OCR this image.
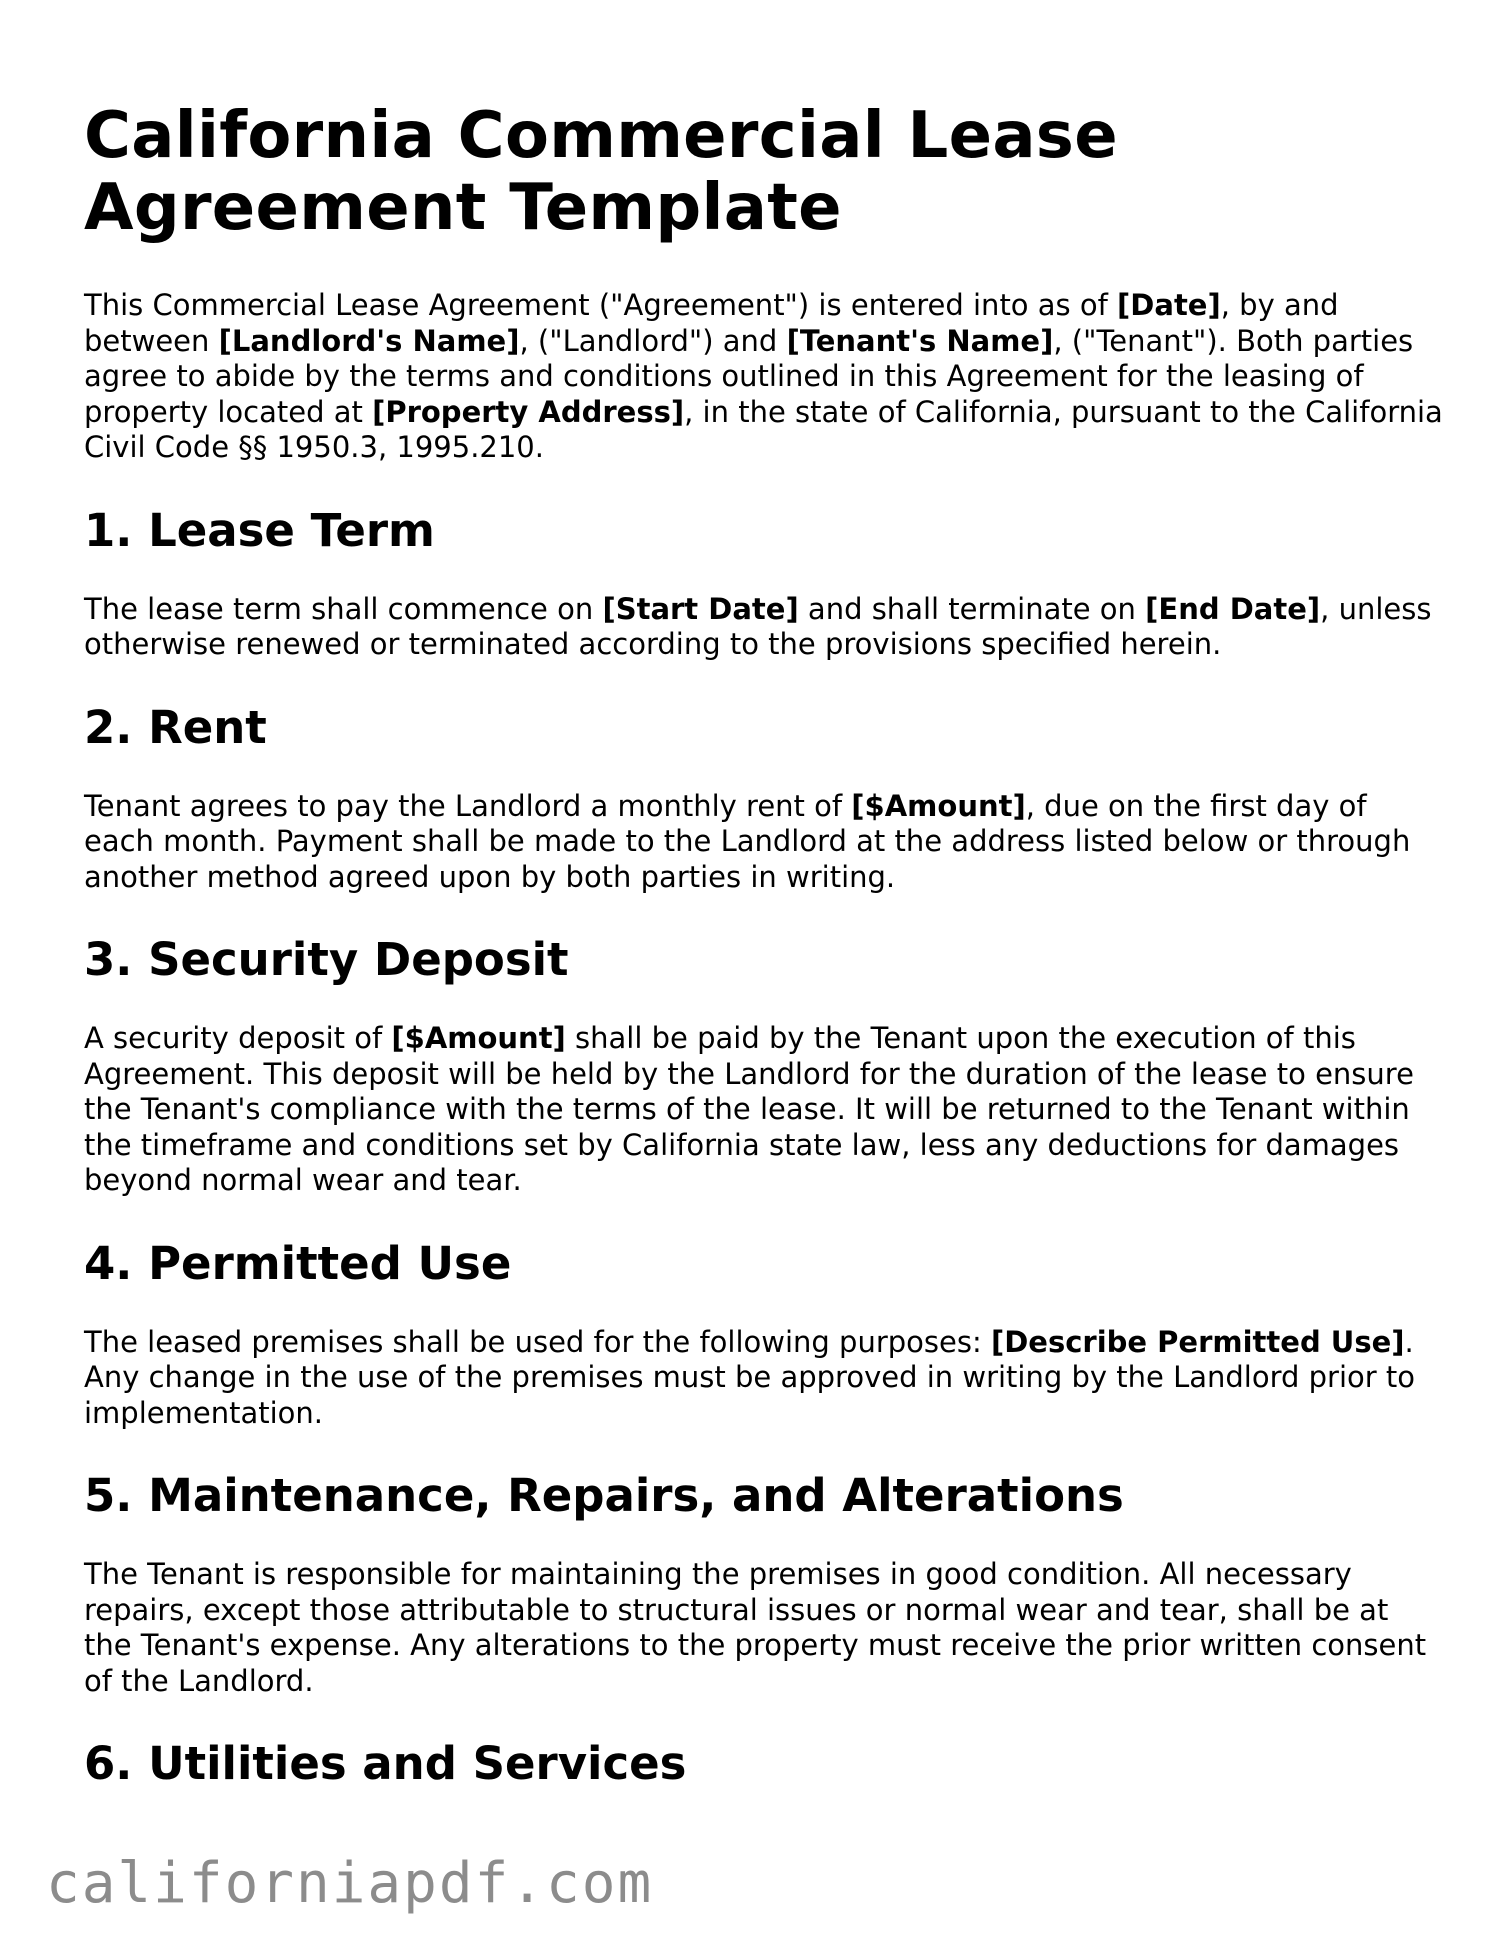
California Commercial Lease Agreement Template

This Commercial Lease Agreement ("Agreement") is entered into as of [Date], by and between [Landlord's Name], ("Landlord") and [Tenant's Name], ("Tenant"). Both parties agree to abide by the terms and conditions outlined in this Agreement for the leasing of property located at [Property Address], in the state of California, pursuant to the California Civil Code §§ 1950.3, 1995.210.

1. Lease Term

The lease term shall commence on [Start Date] and shall terminate on [End Date], unless otherwise renewed or terminated according to the provisions specified herein.

2. Rent

Tenant agrees to pay the Landlord a monthly rent of [$Amount], due on the first day of each month. Payment shall be made to the Landlord at the address listed below or through another method agreed upon by both parties in writing.

3. Security Deposit

A security deposit of [$Amount] shall be paid by the Tenant upon the execution of this Agreement. This deposit will be held by the Landlord for the duration of the lease to ensure the Tenant's compliance with the terms of the lease. It will be returned to the Tenant within the timeframe and conditions set by California state law, less any deductions for damages beyond normal wear and tear.

4. Permitted Use

The leased premises shall be used for the following purposes: [Describe Permitted Use]. Any change in the use of the premises must be approved in writing by the Landlord prior to implementation.

5. Maintenance, Repairs, and Alterations

The Tenant is responsible for maintaining the premises in good condition. All necessary repairs, except those attributable to structural issues or normal wear and tear, shall be at the Tenant's expense. Any alterations to the property must receive the prior written consent of the Landlord.

6. Utilities and Services
californiapdf.com
